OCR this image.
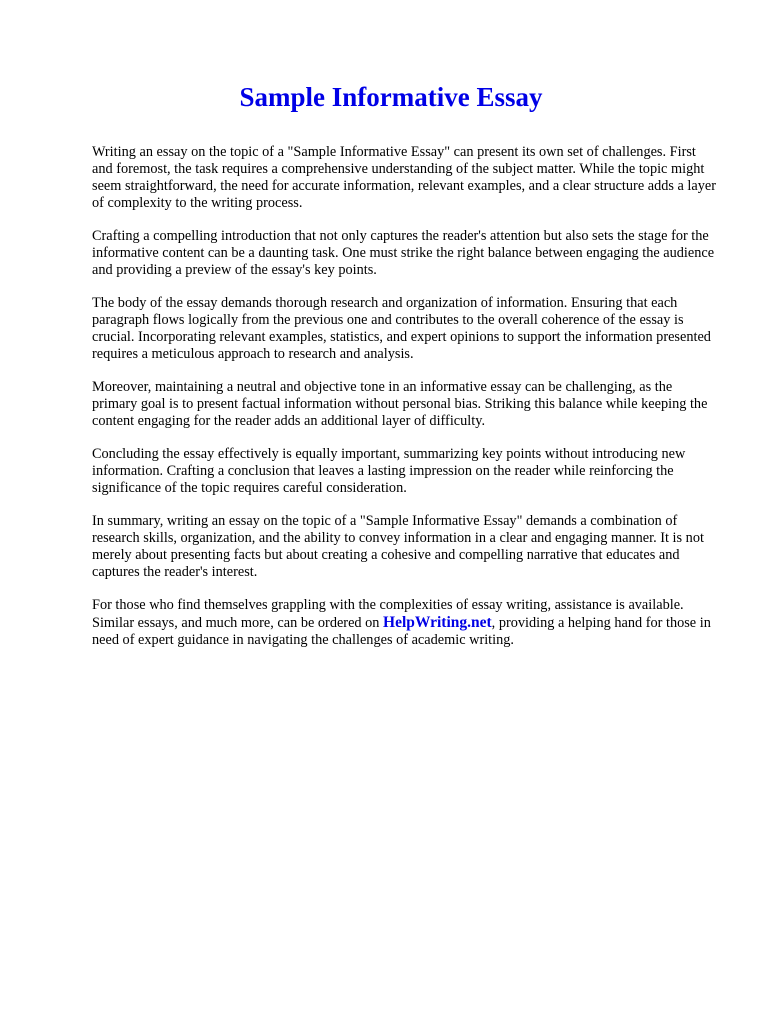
Sample Informative Essay

Writing an essay on the topic of a "Sample Informative Essay" can present its own set of challenges. First and foremost, the task requires a comprehensive understanding of the subject matter. While the topic might seem straightforward, the need for accurate information, relevant examples, and a clear structure adds a layer of complexity to the writing process.

Crafting a compelling introduction that not only captures the reader's attention but also sets the stage for the informative content can be a daunting task. One must strike the right balance between engaging the audience and providing a preview of the essay's key points.

The body of the essay demands thorough research and organization of information. Ensuring that each paragraph flows logically from the previous one and contributes to the overall coherence of the essay is crucial. Incorporating relevant examples, statistics, and expert opinions to support the information presented requires a meticulous approach to research and analysis.

Moreover, maintaining a neutral and objective tone in an informative essay can be challenging, as the primary goal is to present factual information without personal bias. Striking this balance while keeping the content engaging for the reader adds an additional layer of difficulty.

Concluding the essay effectively is equally important, summarizing key points without introducing new information. Crafting a conclusion that leaves a lasting impression on the reader while reinforcing the significance of the topic requires careful consideration.

In summary, writing an essay on the topic of a "Sample Informative Essay" demands a combination of research skills, organization, and the ability to convey information in a clear and engaging manner. It is not merely about presenting facts but about creating a cohesive and compelling narrative that educates and captures the reader's interest.

For those who find themselves grappling with the complexities of essay writing, assistance is available. Similar essays, and much more, can be ordered on HelpWriting.net, providing a helping hand for those in need of expert guidance in navigating the challenges of academic writing.
